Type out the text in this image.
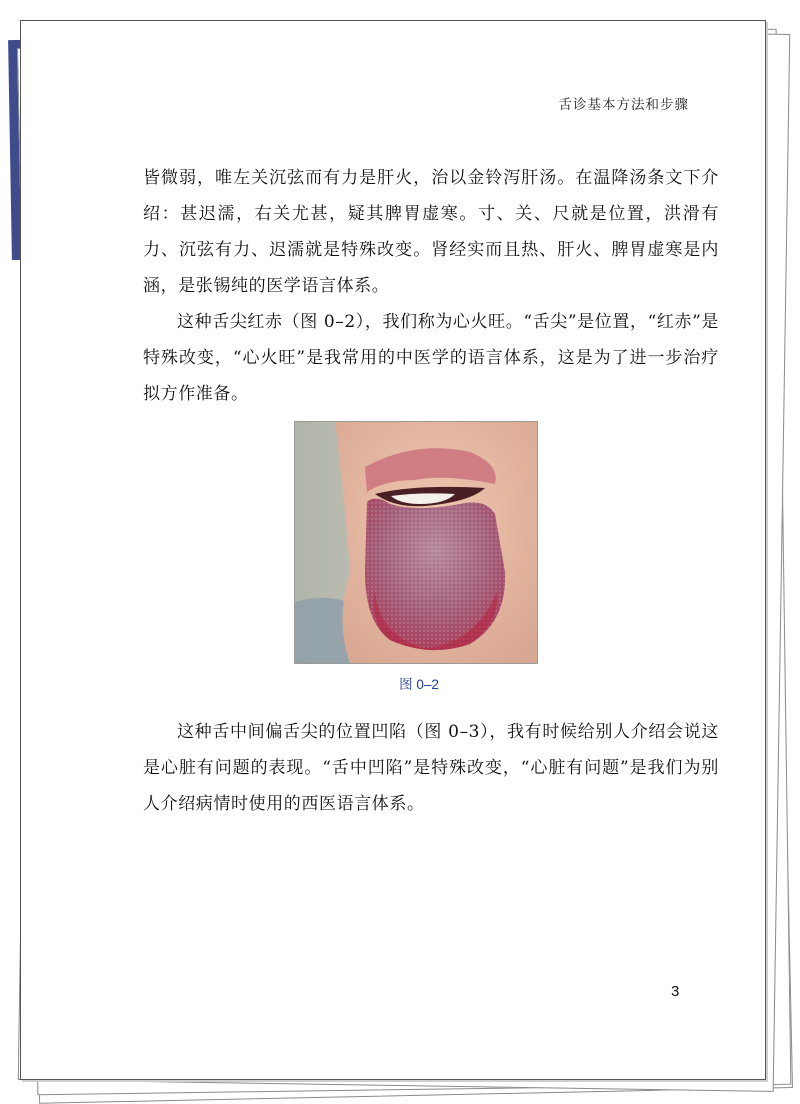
舌诊基本方法和步骤

皆微弱，唯左关沉弦而有力是肝火，治以金铃泻肝汤。在温降汤条文下介绍：甚迟濡，右关尤甚，疑其脾胃虚寒。寸、关、尺就是位置，洪滑有力、沉弦有力、迟濡就是特殊改变。肾经实而且热、肝火、脾胃虚寒是内涵，是张锡纯的医学语言体系。

这种舌尖红赤（图 0–2），我们称为心火旺。“舌尖”是位置，“红赤”是特殊改变，“心火旺”是我常用的中医学的语言体系，这是为了进一步治疗拟方作准备。

图 0–2

这种舌中间偏舌尖的位置凹陷（图 0–3），我有时候给别人介绍会说这是心脏有问题的表现。“舌中凹陷”是特殊改变，“心脏有问题”是我们为别人介绍病情时使用的西医语言体系。

3
